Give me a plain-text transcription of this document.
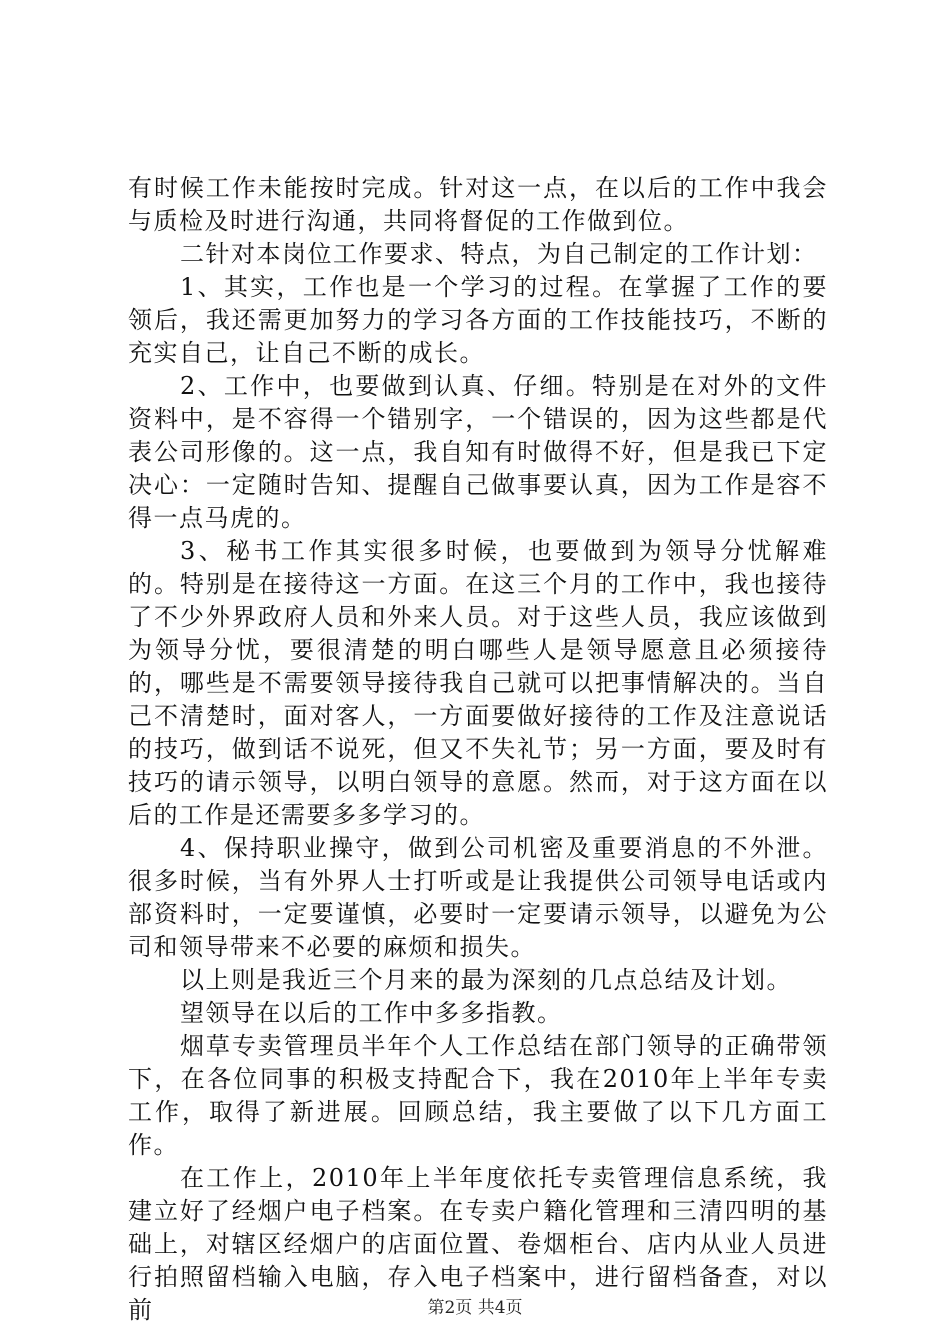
有时候工作未能按时完成。针对这一点，在以后的工作中我会与质检及时进行沟通，共同将督促的工作做到位。

二针对本岗位工作要求、特点，为自己制定的工作计划：

1、其实，工作也是一个学习的过程。在掌握了工作的要领后，我还需更加努力的学习各方面的工作技能技巧，不断的充实自己，让自己不断的成长。

2、工作中，也要做到认真、仔细。特别是在对外的文件资料中，是不容得一个错别字，一个错误的，因为这些都是代表公司形像的。这一点，我自知有时做得不好，但是我已下定决心：一定随时告知、提醒自己做事要认真，因为工作是容不得一点马虎的。

3、秘书工作其实很多时候，也要做到为领导分忧解难的。特别是在接待这一方面。在这三个月的工作中，我也接待了不少外界政府人员和外来人员。对于这些人员，我应该做到为领导分忧，要很清楚的明白哪些人是领导愿意且必须接待的，哪些是不需要领导接待我自己就可以把事情解决的。当自己不清楚时，面对客人，一方面要做好接待的工作及注意说话的技巧，做到话不说死，但又不失礼节；另一方面，要及时有技巧的请示领导，以明白领导的意愿。然而，对于这方面在以后的工作是还需要多多学习的。

4、保持职业操守，做到公司机密及重要消息的不外泄。很多时候，当有外界人士打听或是让我提供公司领导电话或内部资料时，一定要谨慎，必要时一定要请示领导，以避免为公司和领导带来不必要的麻烦和损失。

以上则是我近三个月来的最为深刻的几点总结及计划。

望领导在以后的工作中多多指教。

烟草专卖管理员半年个人工作总结在部门领导的正确带领下，在各位同事的积极支持配合下，我在2010年上半年专卖工作，取得了新进展。回顾总结，我主要做了以下几方面工作。

在工作上，2010年上半年度依托专卖管理信息系统，我建立好了经烟户电子档案。在专卖户籍化管理和三清四明的基础上，对辖区经烟户的店面位置、卷烟柜台、店内从业人员进行拍照留档输入电脑，存入电子档案中，进行留档备查，对以前	第2页 共4页
